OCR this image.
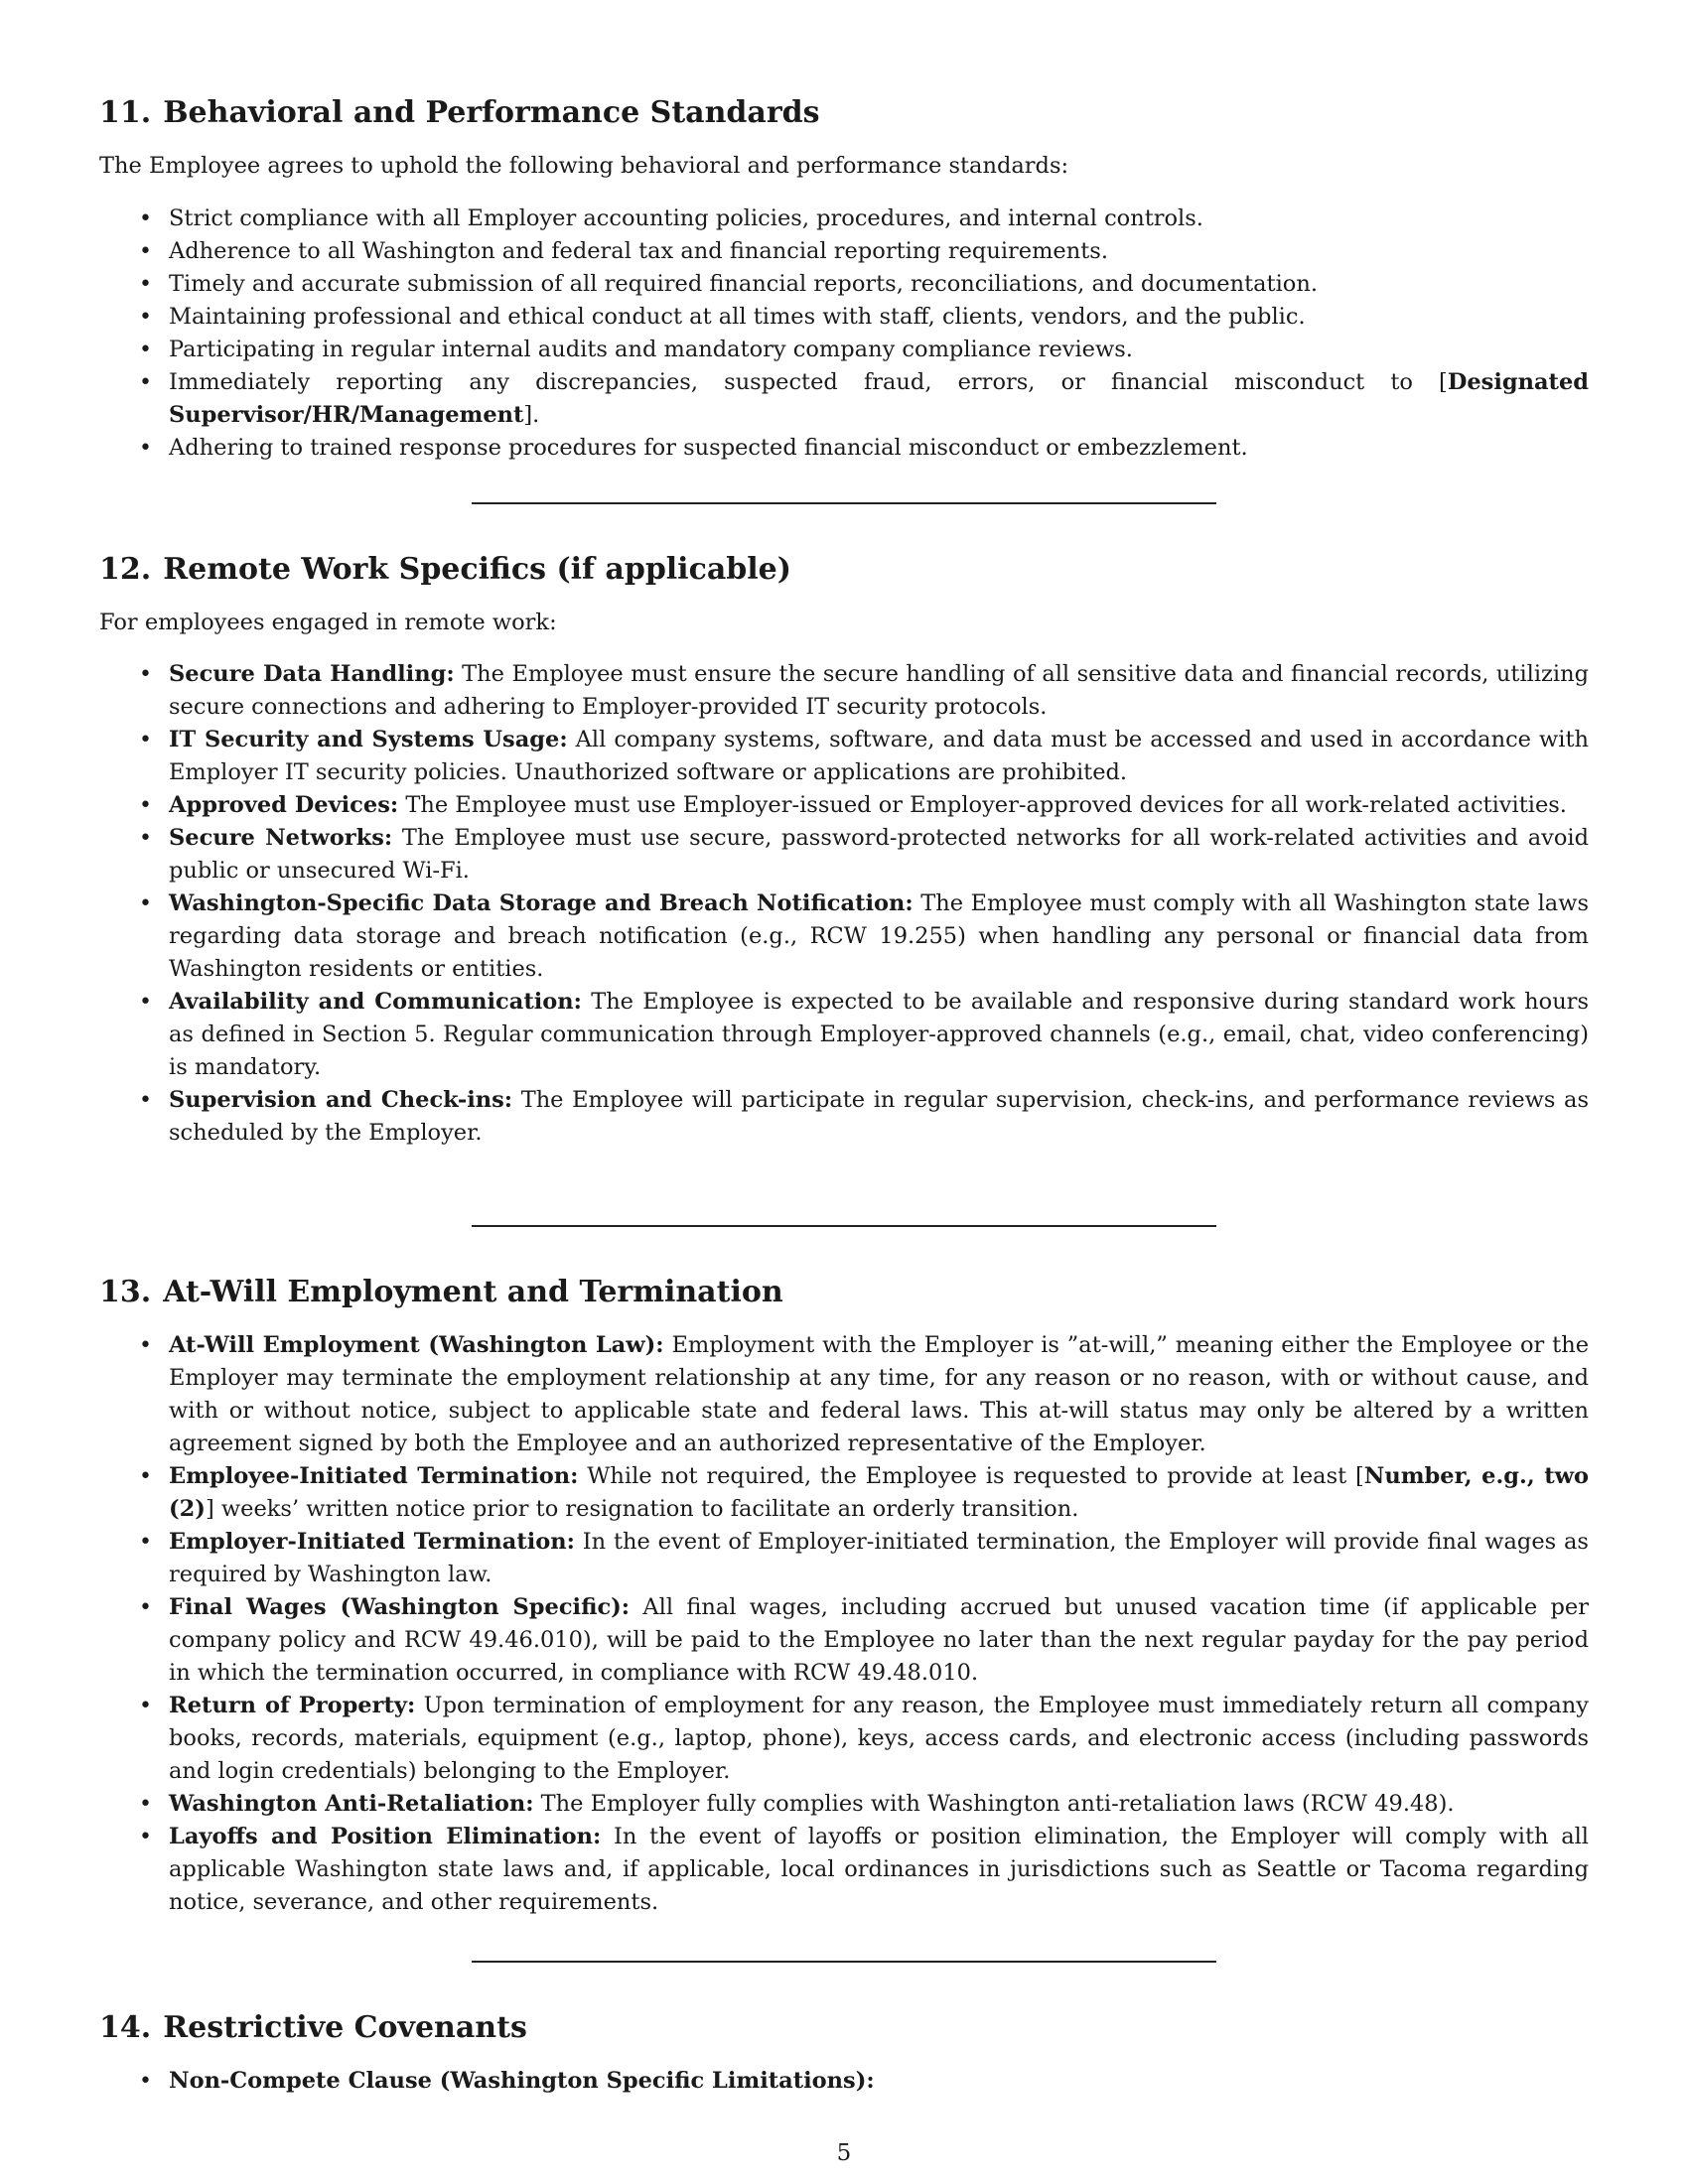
11. Behavioral and Performance Standards

The Employee agrees to uphold the following behavioral and performance standards:

• Strict compliance with all Employer accounting policies, procedures, and internal controls.
• Adherence to all Washington and federal tax and financial reporting requirements.
• Timely and accurate submission of all required financial reports, reconciliations, and documentation.
• Maintaining professional and ethical conduct at all times with staff, clients, vendors, and the public.
• Participating in regular internal audits and mandatory company compliance reviews.
• Immediately reporting any discrepancies, suspected fraud, errors, or financial misconduct to [Designated Supervisor/HR/Management].
• Adhering to trained response procedures for suspected financial misconduct or embezzlement.
12. Remote Work Specifics (if applicable)

For employees engaged in remote work:

• Secure Data Handling: The Employee must ensure the secure handling of all sensitive data and financial records, utilizing secure connections and adhering to Employer-provided IT security protocols.
• IT Security and Systems Usage: All company systems, software, and data must be accessed and used in accordance with Employer IT security policies. Unauthorized software or applications are prohibited.
• Approved Devices: The Employee must use Employer-issued or Employer-approved devices for all work-related activities.
• Secure Networks: The Employee must use secure, password-protected networks for all work-related activities and avoid public or unsecured Wi-Fi.
• Washington-Specific Data Storage and Breach Notification: The Employee must comply with all Washington state laws regarding data storage and breach notification (e.g., RCW 19.255) when handling any personal or financial data from Washington residents or entities.
• Availability and Communication: The Employee is expected to be available and responsive during standard work hours as defined in Section 5. Regular communication through Employer-approved channels (e.g., email, chat, video conferencing) is mandatory.
• Supervision and Check-ins: The Employee will participate in regular supervision, check-ins, and performance reviews as scheduled by the Employer.
13. At-Will Employment and Termination
• At-Will Employment (Washington Law): Employment with the Employer is ”at-will,” meaning either the Employee or the Employer may terminate the employment relationship at any time, for any reason or no reason, with or without cause, and with or without notice, subject to applicable state and federal laws. This at-will status may only be altered by a written agreement signed by both the Employee and an authorized representative of the Employer.
• Employee-Initiated Termination: While not required, the Employee is requested to provide at least [Number, e.g., two (2)] weeks’ written notice prior to resignation to facilitate an orderly transition.
• Employer-Initiated Termination: In the event of Employer-initiated termination, the Employer will provide final wages as required by Washington law.
• Final Wages (Washington Specific): All final wages, including accrued but unused vacation time (if applicable per company policy and RCW 49.46.010), will be paid to the Employee no later than the next regular payday for the pay period in which the termination occurred, in compliance with RCW 49.48.010.
• Return of Property: Upon termination of employment for any reason, the Employee must immediately return all company books, records, materials, equipment (e.g., laptop, phone), keys, access cards, and electronic access (including passwords and login credentials) belonging to the Employer.
• Washington Anti-Retaliation: The Employer fully complies with Washington anti-retaliation laws (RCW 49.48).
• Layoffs and Position Elimination: In the event of layoffs or position elimination, the Employer will comply with all applicable Washington state laws and, if applicable, local ordinances in jurisdictions such as Seattle or Tacoma regarding notice, severance, and other requirements.
14. Restrictive Covenants
• Non-Compete Clause (Washington Specific Limitations):
5
